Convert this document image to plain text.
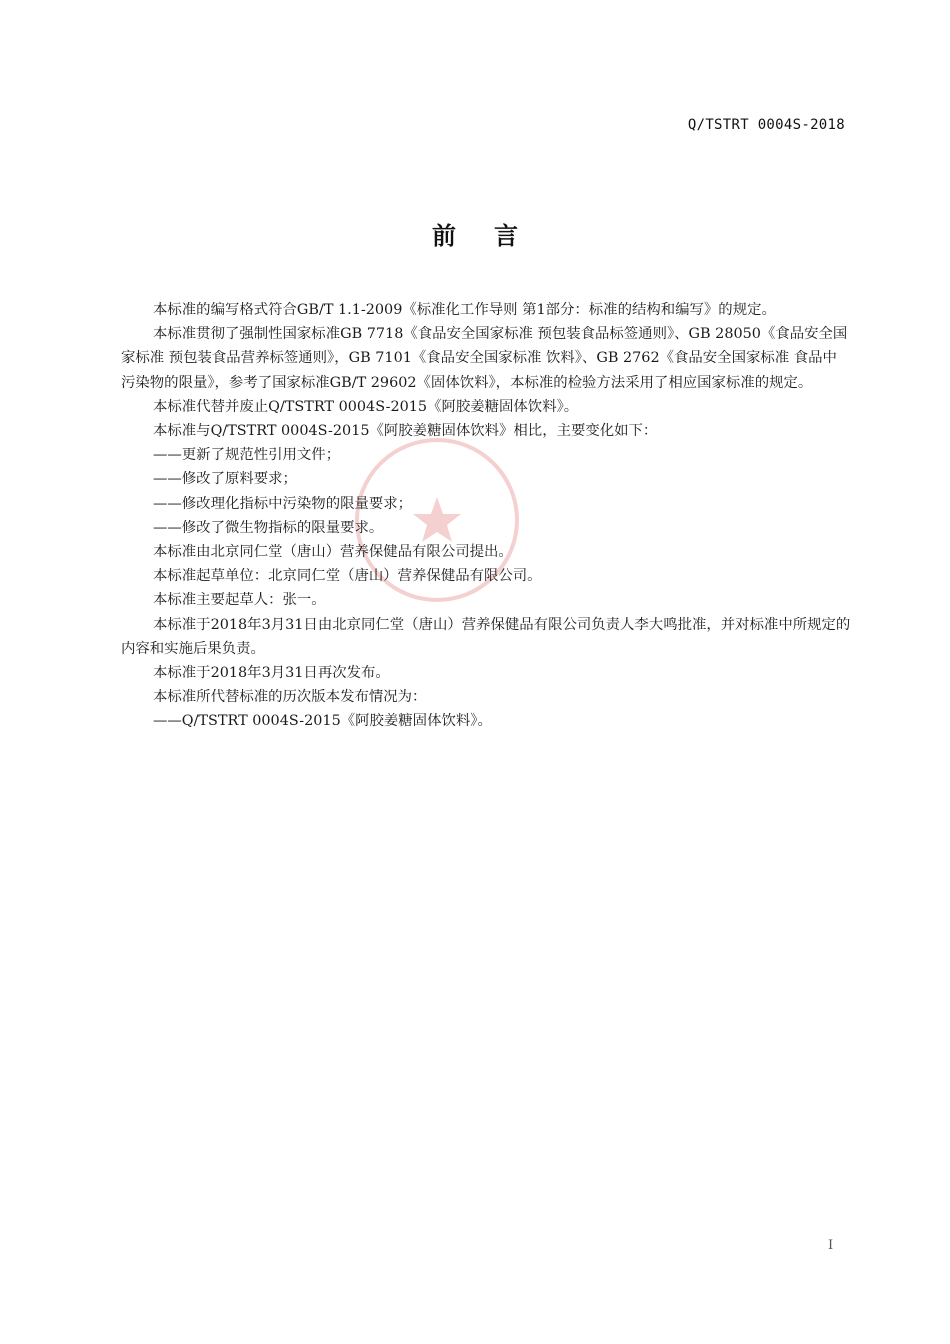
Q/TSTRT 0004S-2018
前言

本标准的编写格式符合GB/T 1.1-2009《标准化工作导则 第1部分：标准的结构和编写》的规定。

本标准贯彻了强制性国家标准GB 7718《食品安全国家标准 预包装食品标签通则》、GB 28050《食品安全国家标准 预包装食品营养标签通则》，GB 7101《食品安全国家标准 饮料》、GB 2762《食品安全国家标准 食品中污染物的限量》，参考了国家标准GB/T 29602《固体饮料》，本标准的检验方法采用了相应国家标准的规定。

本标准代替并废止Q/TSTRT 0004S-2015《阿胶姜糖固体饮料》。

本标准与Q/TSTRT 0004S-2015《阿胶姜糖固体饮料》相比，主要变化如下：

——更新了规范性引用文件；

——修改了原料要求；

——修改理化指标中污染物的限量要求；

——修改了微生物指标的限量要求。

本标准由北京同仁堂（唐山）营养保健品有限公司提出。

本标准起草单位：北京同仁堂（唐山）营养保健品有限公司。

本标准主要起草人：张一。

本标准于2018年3月31日由北京同仁堂（唐山）营养保健品有限公司负责人李大鸣批准，并对标准中所规定的内容和实施后果负责。

本标准于2018年3月31日再次发布。

本标准所代替标准的历次版本发布情况为：

——Q/TSTRT 0004S-2015《阿胶姜糖固体饮料》。

I
